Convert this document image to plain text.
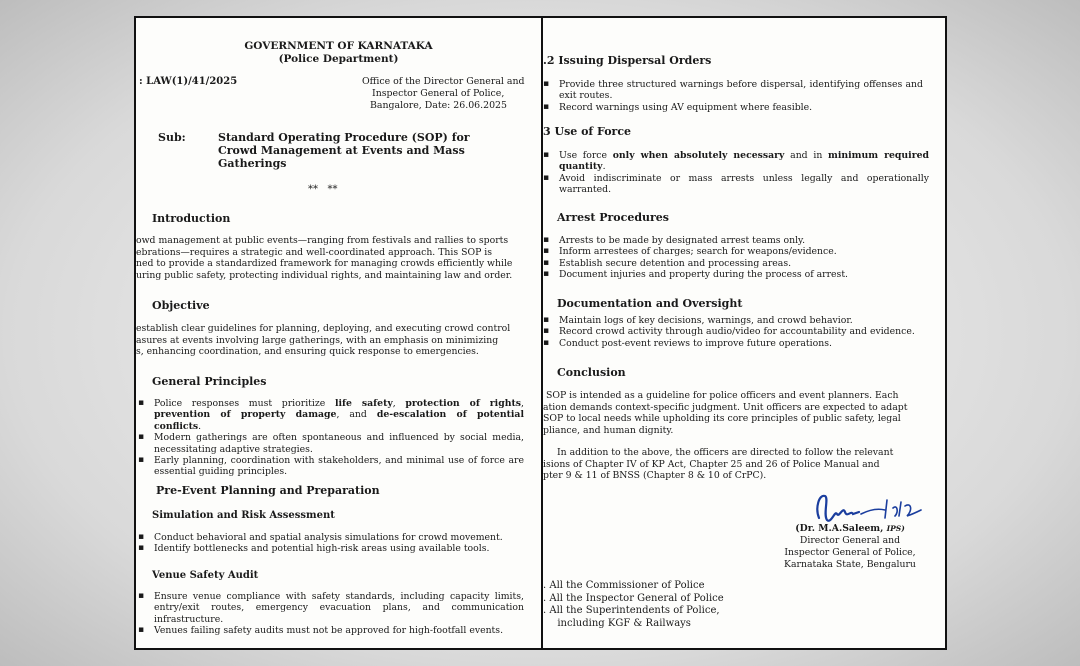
GOVERNMENT OF KARNATAKA
(Police Department)
: LAW(1)/41/2025	Office of the Director General and
Inspector General of Police,
Bangalore, Date: 26.06.2025
Sub:	Standard Operating Procedure (SOP) for
Crowd Management at Events and Mass
Gatherings
**   **
Introduction
owd management at public events—ranging from festivals and rallies to sports
ebrations—requires a strategic and well-coordinated approach. This SOP is
ned to provide a standardized framework for managing crowds efficiently while
uring public safety, protecting individual rights, and maintaining law and order.
Objective
establish clear guidelines for planning, deploying, and executing crowd control
asures at events involving large gatherings, with an emphasis on minimizing
s, enhancing coordination, and ensuring quick response to emergencies.
General Principles
▪ Police responses must prioritize life safety, protection of rights, prevention of property damage, and de-escalation of potential conflicts.
▪ Modern gatherings are often spontaneous and influenced by social media, necessitating adaptive strategies.
▪ Early planning, coordination with stakeholders, and minimal use of force are essential guiding principles.
Pre-Event Planning and Preparation
Simulation and Risk Assessment
▪ Conduct behavioral and spatial analysis simulations for crowd movement.
▪ Identify bottlenecks and potential high-risk areas using available tools.
Venue Safety Audit
▪ Ensure venue compliance with safety standards, including capacity limits, entry/exit routes, emergency evacuation plans, and communication infrastructure.
▪ Venues failing safety audits must not be approved for high-footfall events.
.2 Issuing Dispersal Orders
▪ Provide three structured warnings before dispersal, identifying offenses and exit routes.
▪ Record warnings using AV equipment where feasible.
3 Use of Force
▪ Use force only when absolutely necessary and in minimum required quantity.
▪ Avoid indiscriminate or mass arrests unless legally and operationally warranted.
Arrest Procedures
▪ Arrests to be made by designated arrest teams only.
▪ Inform arrestees of charges; search for weapons/evidence.
▪ Establish secure detention and processing areas.
▪ Document injuries and property during the process of arrest.
Documentation and Oversight
▪ Maintain logs of key decisions, warnings, and crowd behavior.
▪ Record crowd activity through audio/video for accountability and evidence.
▪ Conduct post-event reviews to improve future operations.
Conclusion
SOP is intended as a guideline for police officers and event planners. Each
ation demands context-specific judgment. Unit officers are expected to adapt
SOP to local needs while upholding its core principles of public safety, legal
pliance, and human dignity.
In addition to the above, the officers are directed to follow the relevant
isions of Chapter IV of KP Act, Chapter 25 and 26 of Police Manual and
pter 9 & 11 of BNSS (Chapter 8 & 10 of CrPC).
(Dr. M.A.Saleem, IPS)
Director General and
Inspector General of Police,
Karnataka State, Bengaluru
. All the Commissioner of Police
. All the Inspector General of Police
. All the Superintendents of Police,
including KGF & Railways
